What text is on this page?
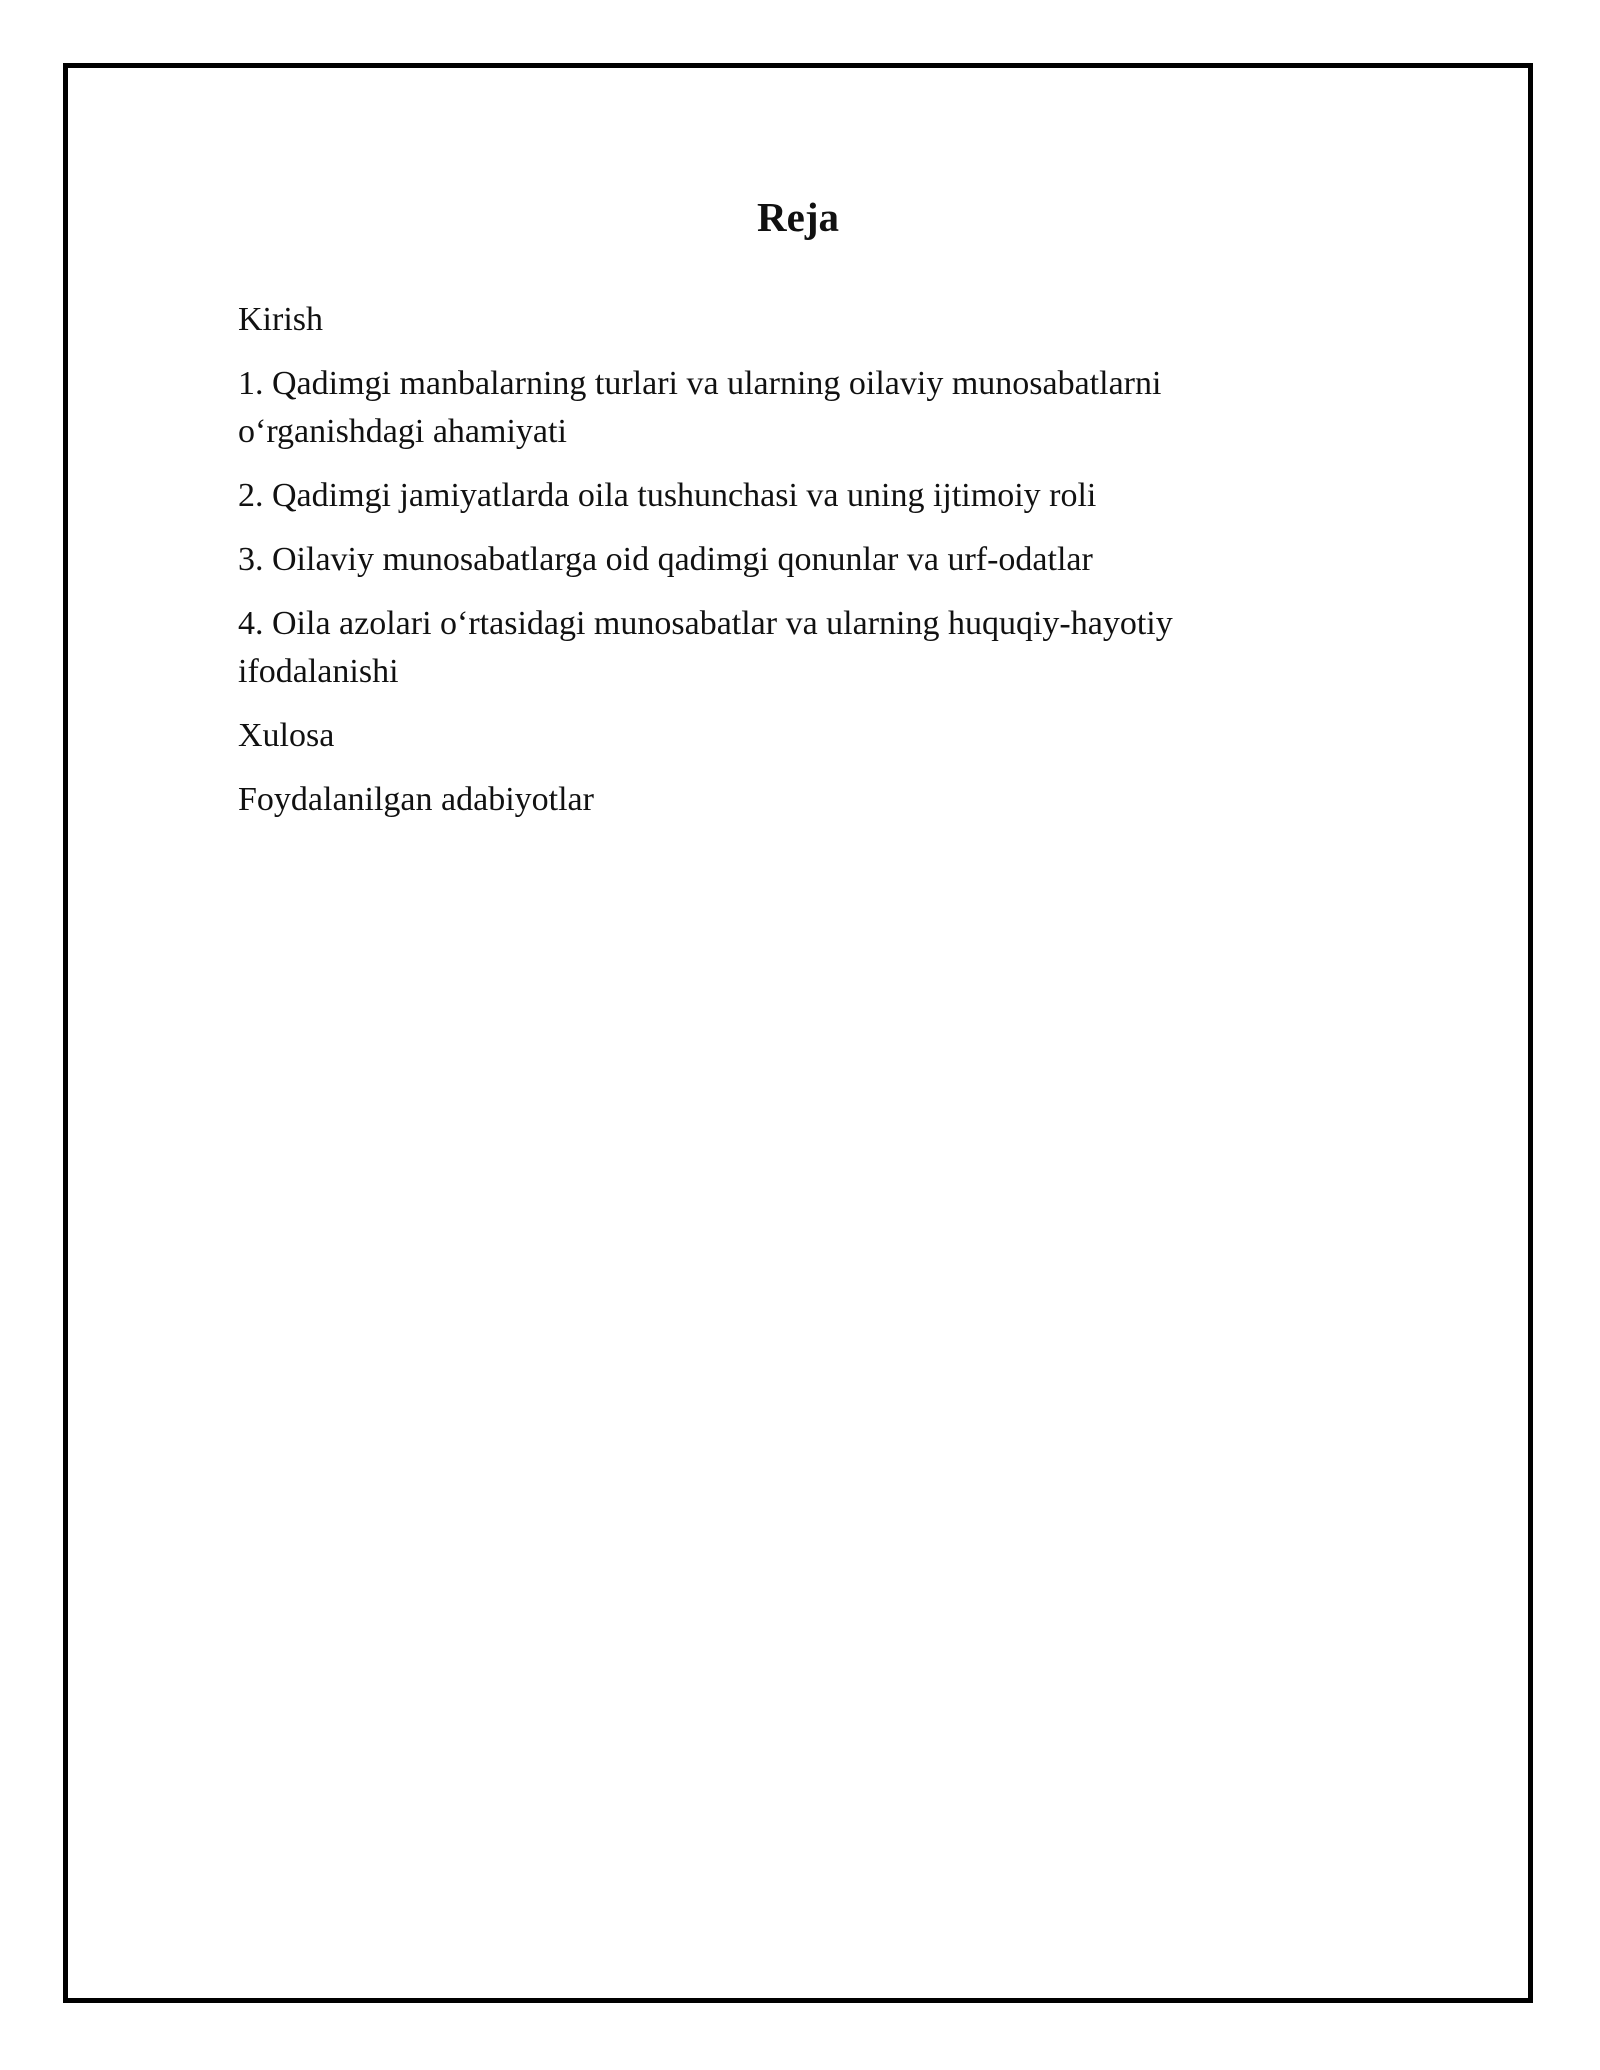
Reja
Kirish
1. Qadimgi manbalarning turlari va ularning oilaviy munosabatlarni o‘rganishdagi ahamiyati
2. Qadimgi jamiyatlarda oila tushunchasi va uning ijtimoiy roli
3. Oilaviy munosabatlarga oid qadimgi qonunlar va urf-odatlar
4. Oila azolari o‘rtasidagi munosabatlar va ularning huquqiy-hayotiy ifodalanishi
Xulosa
Foydalanilgan adabiyotlar
